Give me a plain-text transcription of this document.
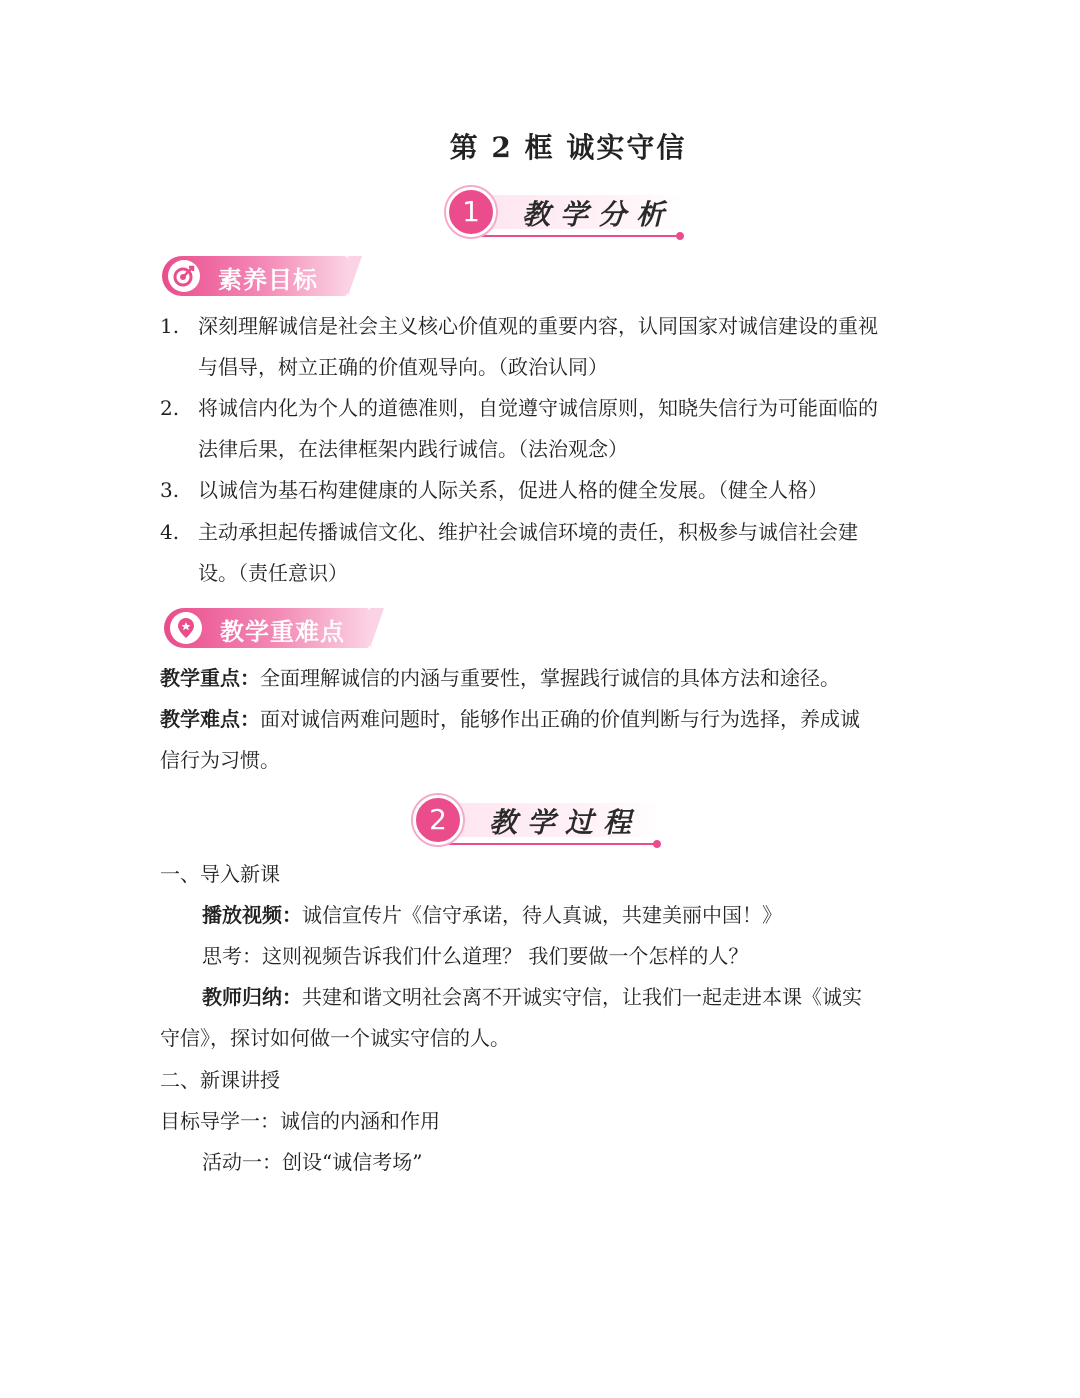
第 2 框 诚实守信
1	教学分析
素养目标
1. 深刻理解诚信是社会主义核心价值观的重要内容，认同国家对诚信建设的重视
与倡导，树立正确的价值观导向。（政治认同）
2. 将诚信内化为个人的道德准则，自觉遵守诚信原则，知晓失信行为可能面临的
法律后果，在法律框架内践行诚信。（法治观念）
3. 以诚信为基石构建健康的人际关系，促进人格的健全发展。（健全人格）
4. 主动承担起传播诚信文化、维护社会诚信环境的责任，积极参与诚信社会建
设。（责任意识）
教学重难点
教学重点：全面理解诚信的内涵与重要性，掌握践行诚信的具体方法和途径。
教学难点：面对诚信两难问题时，能够作出正确的价值判断与行为选择，养成诚
信行为习惯。
2	教学过程
一、导入新课
播放视频：诚信宣传片《信守承诺，待人真诚，共建美丽中国！》
思考：这则视频告诉我们什么道理？ 我们要做一个怎样的人？
教师归纳：共建和谐文明社会离不开诚实守信，让我们一起走进本课《诚实
守信》，探讨如何做一个诚实守信的人。
二、新课讲授
目标导学一：诚信的内涵和作用
活动一：创设“诚信考场”
